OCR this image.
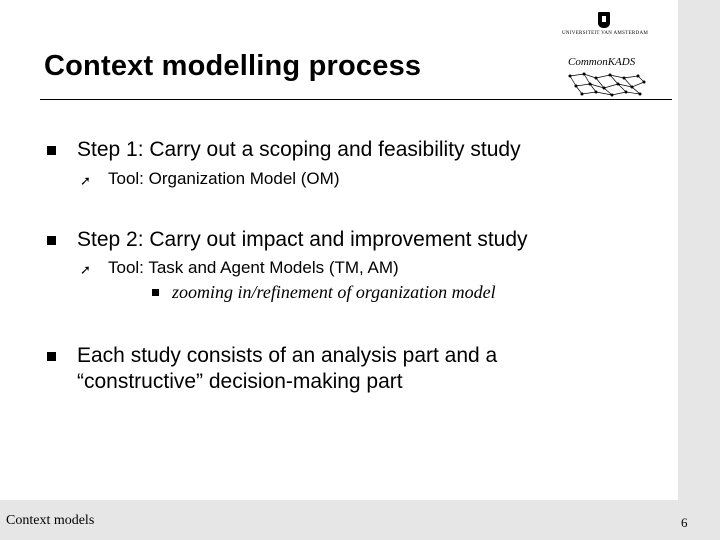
Context modelling process
UNIVERSITEIT VAN AMSTERDAM
CommonKADS
Step 1: Carry out a scoping and feasibility study
➚ Tool: Organization Model (OM)
Step 2: Carry out impact and improvement study
➚ Tool: Task and Agent Models (TM, AM)
zooming in/refinement of organization model
Each study consists of an analysis part and a
“constructive” decision-making part
Context models	6
